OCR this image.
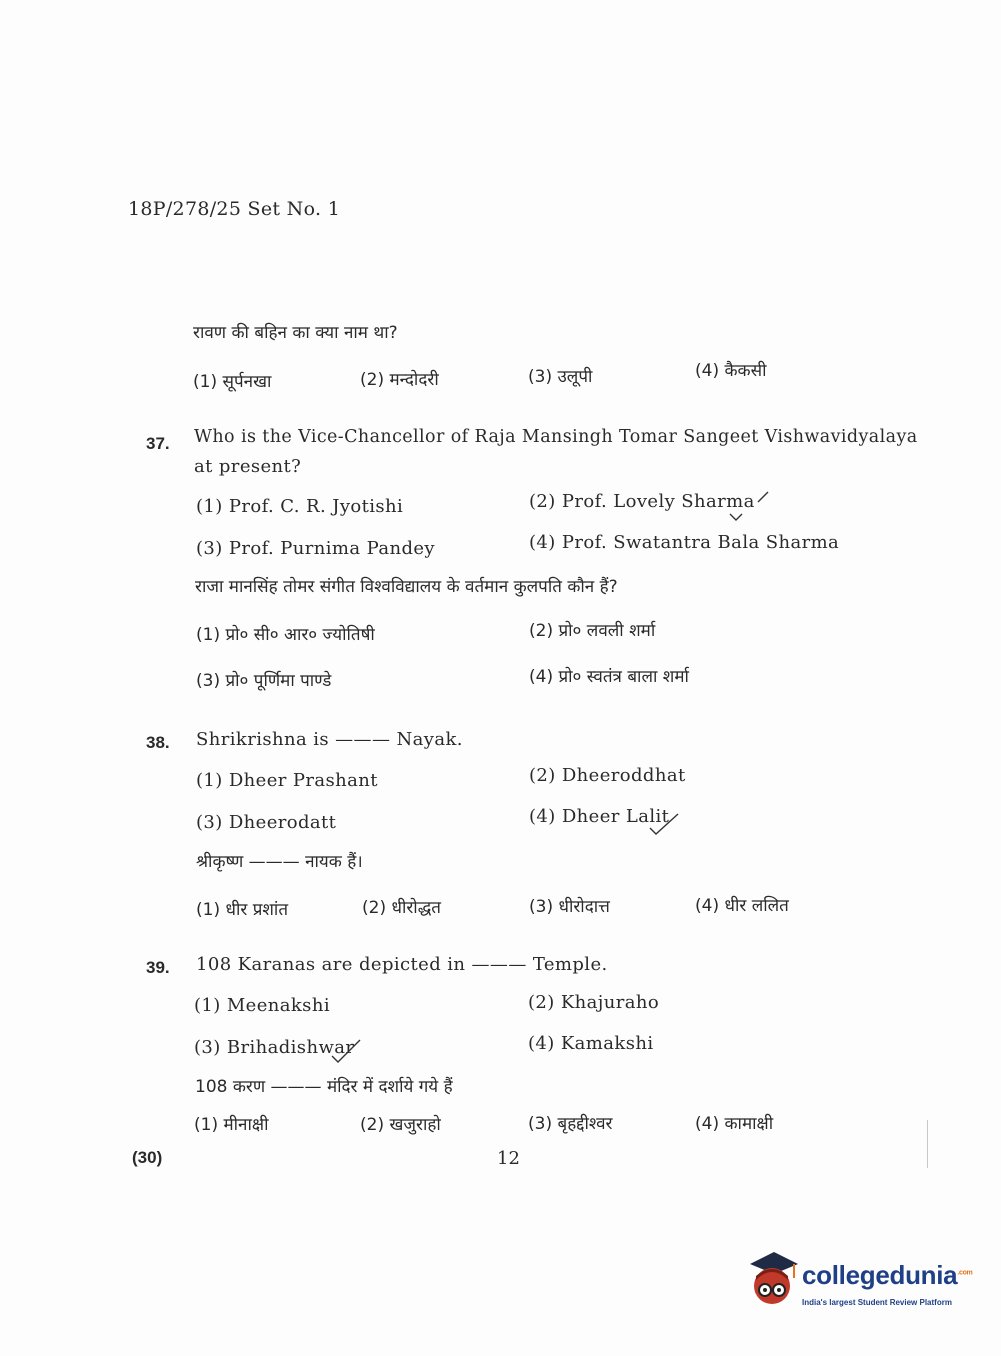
18P/278/25 Set No. 1
रावण की बहिन का क्या नाम था?
(1) सूर्पनखा	(2) मन्दोदरी	(3) उलूपी	(4) कैकसी
37. Who is the Vice-Chancellor of Raja Mansingh Tomar Sangeet Vishwavidyalaya
at present?
(1) Prof. C. R. Jyotishi	(2) Prof. Lovely Sharma
(3) Prof. Purnima Pandey	(4) Prof. Swatantra Bala Sharma
राजा मानसिंह तोमर संगीत विश्वविद्यालय के वर्तमान कुलपति कौन हैं?
(1) प्रो० सी० आर० ज्योतिषी	(2) प्रो० लवली शर्मा
(3) प्रो० पूर्णिमा पाण्डे	(4) प्रो० स्वतंत्र बाला शर्मा
38. Shrikrishna is ——— Nayak.
(1) Dheer Prashant	(2) Dheeroddhat
(3) Dheerodatt	(4) Dheer Lalit
श्रीकृष्ण ——— नायक हैं।
(1) धीर प्रशांत	(2) धीरोद्धत	(3) धीरोदात्त	(4) धीर ललित
39. 108 Karanas are depicted in ——— Temple.
(1) Meenakshi	(2) Khajuraho
(3) Brihadishwar	(4) Kamakshi
108 करण ——— मंदिर में दर्शाये गये हैं
(1) मीनाक्षी	(2) खजुराहो	(3) बृहद्दीश्वर	(4) कामाक्षी
(30)	12
collegedunia$^{.com}$
India's largest Student Review Platform
